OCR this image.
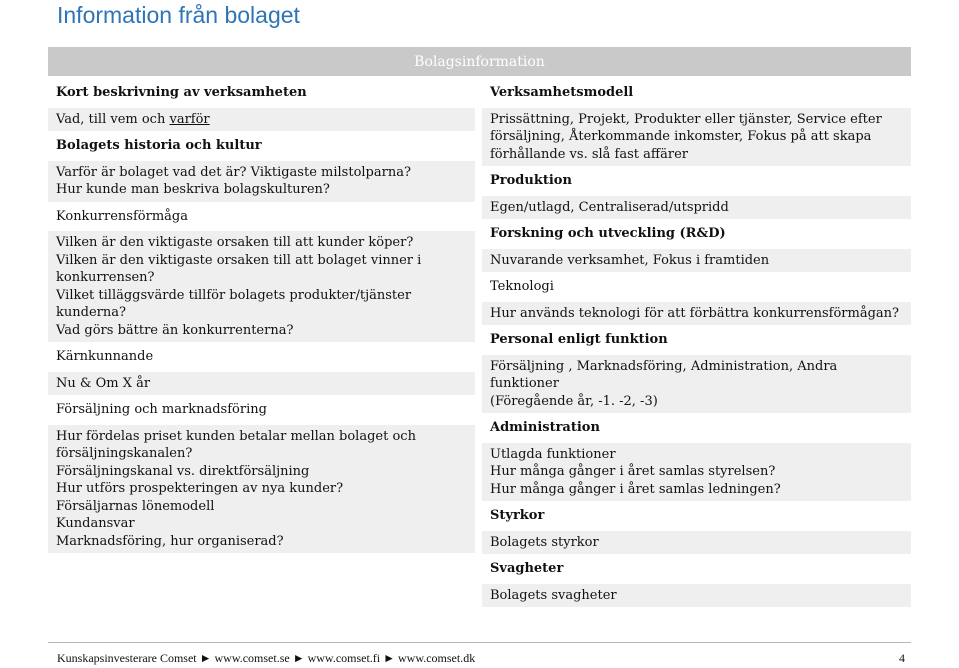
Information från bolaget
Bolagsinformation
Kort beskrivning av verksamheten
Vad, till vem och varför
Bolagets historia och kultur
Varför är bolaget vad det är? Viktigaste milstolparna?
Hur kunde man beskriva bolagskulturen?
Konkurrensförmåga
Vilken är den viktigaste orsaken till att kunder köper?
Vilken är den viktigaste orsaken till att bolaget vinner i
konkurrensen?
Vilket tilläggsvärde tillför bolagets produkter/tjänster kunderna?
Vad görs bättre än konkurrenterna?
Kärnkunnande
Nu & Om X år
Försäljning och marknadsföring
Hur fördelas priset kunden betalar mellan bolaget och
försäljningskanalen?
Försäljningskanal vs. direktförsäljning
Hur utförs prospekteringen av nya kunder?
Försäljarnas lönemodell
Kundansvar
Marknadsföring, hur organiserad?
Verksamhetsmodell
Prissättning, Projekt, Produkter eller tjänster, Service efter
försäljning, Återkommande inkomster, Fokus på att skapa
förhållande vs. slå fast affärer
Produktion
Egen/utlagd, Centraliserad/utspridd
Forskning och utveckling (R&D)
Nuvarande verksamhet, Fokus i framtiden
Teknologi
Hur används teknologi för att förbättra konkurrensförmågan?
Personal enligt funktion
Försäljning , Marknadsföring, Administration, Andra funktioner
(Föregående år, -1. -2, -3)
Administration
Utlagda funktioner
Hur många gånger i året samlas styrelsen?
Hur många gånger i året samlas ledningen?
Styrkor
Bolagets styrkor
Svagheter
Bolagets svagheter
Kunskapsinvesterare Comset ► www.comset.se ► www.comset.fi ► www.comset.dk	4
